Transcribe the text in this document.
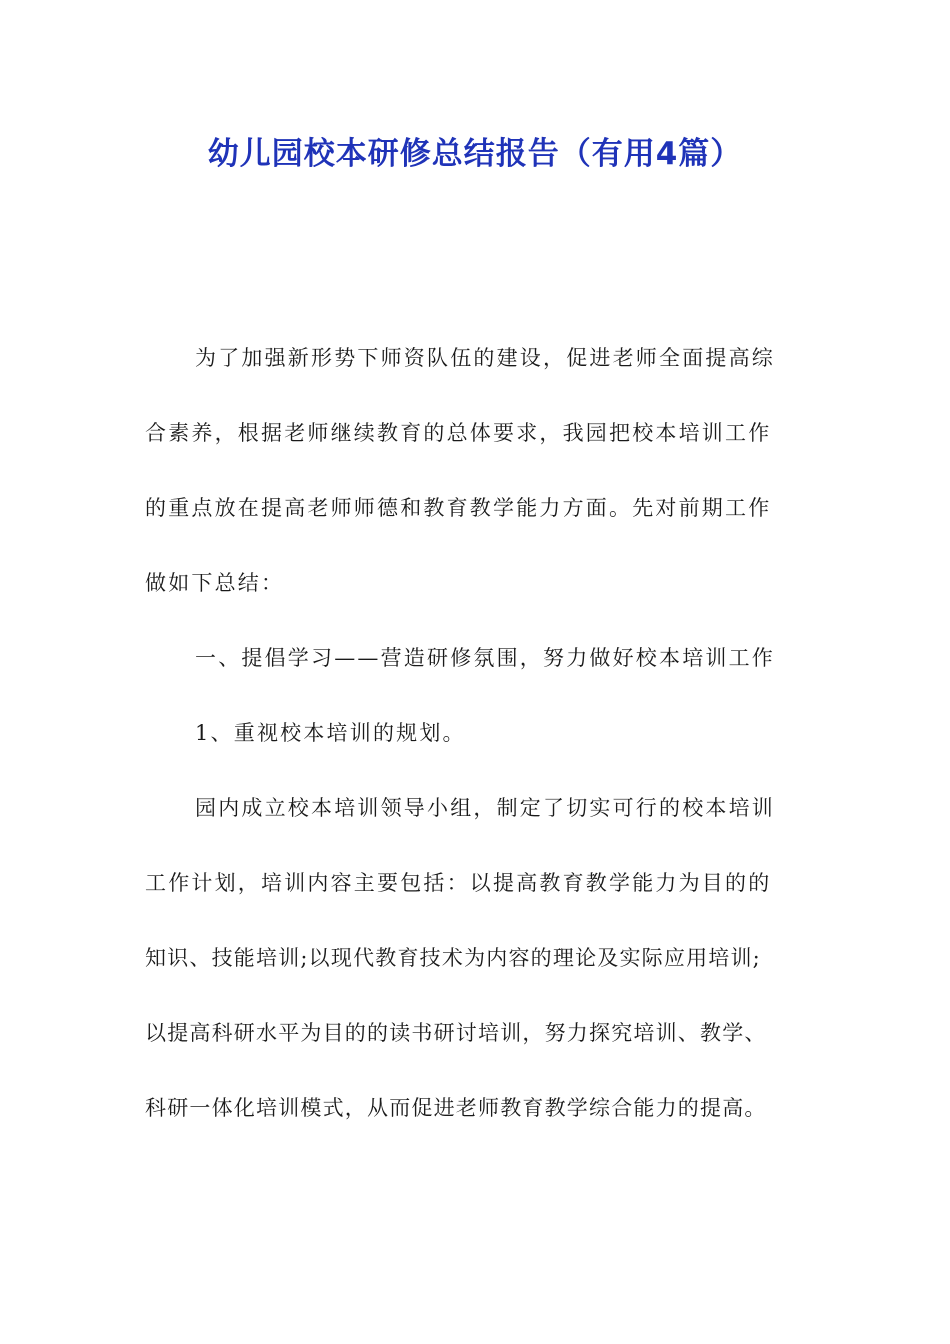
幼儿园校本研修总结报告（有用4篇）
为了加强新形势下师资队伍的建设，促进老师全面提高综
合素养，根据老师继续教育的总体要求，我园把校本培训工作
的重点放在提高老师师德和教育教学能力方面。先对前期工作
做如下总结：
一、提倡学习——营造研修氛围，努力做好校本培训工作
1、重视校本培训的规划。
园内成立校本培训领导小组，制定了切实可行的校本培训
工作计划，培训内容主要包括：以提高教育教学能力为目的的
知识、技能培训;以现代教育技术为内容的理论及实际应用培训;
以提高科研水平为目的的读书研讨培训，努力探究培训、教学、
科研一体化培训模式，从而促进老师教育教学综合能力的提高。
